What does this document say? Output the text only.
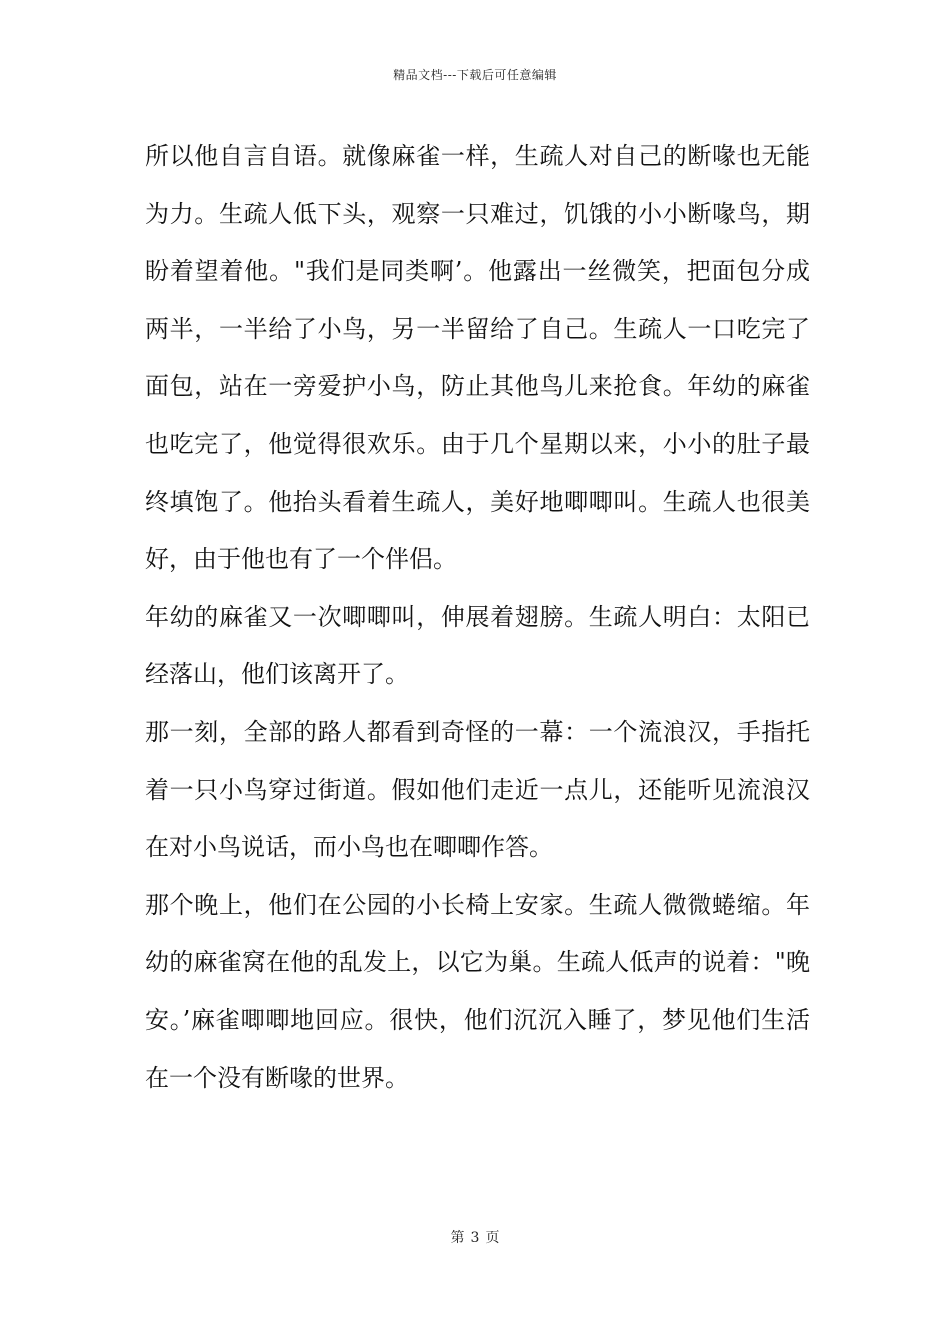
精品文档---下载后可任意编辑

所以他自言自语。就像麻雀一样，生疏人对自己的断喙也无能为力。生疏人低下头，观察一只难过，饥饿的小小断喙鸟，期盼着望着他。"我们是同类啊’。他露出一丝微笑，把面包分成两半，一半给了小鸟，另一半留给了自己。生疏人一口吃完了面包，站在一旁爱护小鸟，防止其他鸟儿来抢食。年幼的麻雀也吃完了，他觉得很欢乐。由于几个星期以来，小小的肚子最终填饱了。他抬头看着生疏人，美好地唧唧叫。生疏人也很美好，由于他也有了一个伴侣。

年幼的麻雀又一次唧唧叫，伸展着翅膀。生疏人明白：太阳已经落山，他们该离开了。

那一刻，全部的路人都看到奇怪的一幕：一个流浪汉，手指托着一只小鸟穿过街道。假如他们走近一点儿，还能听见流浪汉在对小鸟说话，而小鸟也在唧唧作答。

那个晚上，他们在公园的小长椅上安家。生疏人微微蜷缩。年幼的麻雀窝在他的乱发上，以它为巢。生疏人低声的说着："晚安。’麻雀唧唧地回应。很快，他们沉沉入睡了，梦见他们生活在一个没有断喙的世界。

第 3 页
